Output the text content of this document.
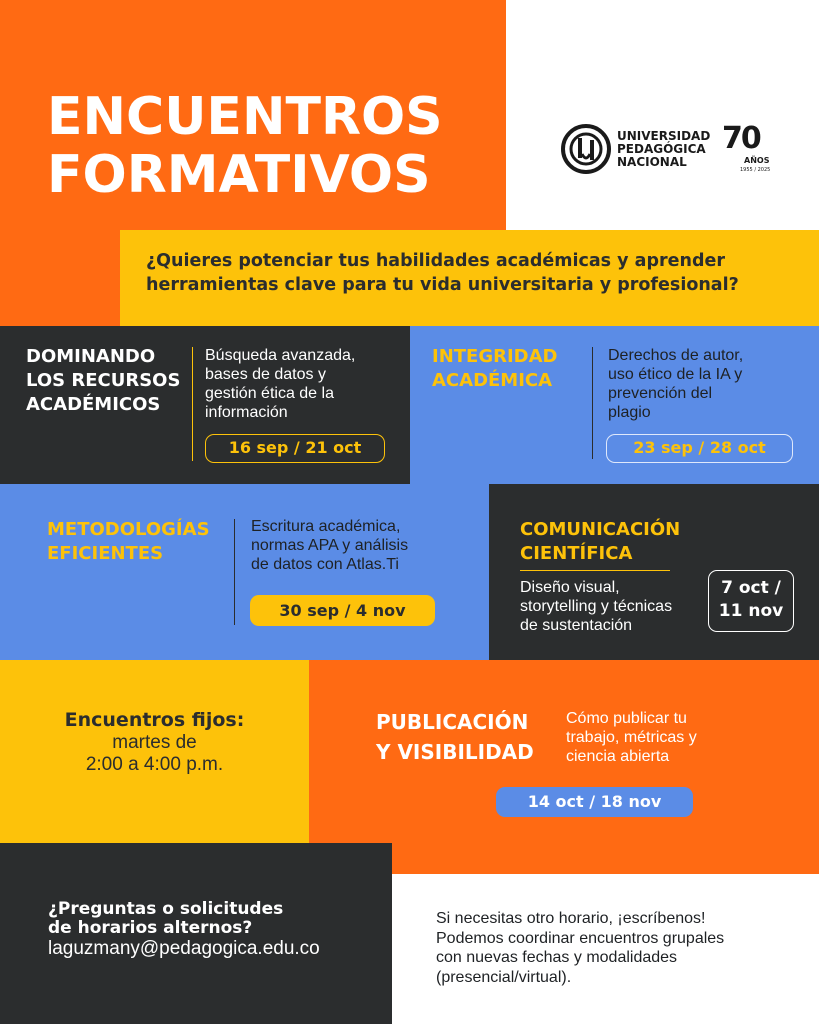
ENCUENTROS

FORMATIVOS

UNIVERSIDAD
PEDAGÓGICA
NACIONAL
70
AÑOS
1955 / 2025
¿Quieres potenciar tus habilidades académicas y aprender
herramientas clave para tu vida universitaria y profesional?
DOMINANDO
LOS RECURSOS
ACADÉMICOS
Búsqueda avanzada,
bases de datos y
gestión ética de la
información
16 sep / 21 oct
INTEGRIDAD
ACADÉMICA
Derechos de autor,
uso ético de la IA y
prevención del
plagio
23 sep / 28 oct
METODOLOGÍAS
EFICIENTES
Escritura académica,
normas APA y análisis
de datos con Atlas.Ti
30 sep / 4 nov
COMUNICACIÓN
CIENTÍFICA
Diseño visual,
storytelling y técnicas
de sustentación
7 oct /
11 nov
Encuentros fijos:
martes de
2:00 a 4:00 p.m.
PUBLICACIÓN
Y VISIBILIDAD
Cómo publicar tu
trabajo, métricas y
ciencia abierta
14 oct / 18 nov
¿Preguntas o solicitudes
de horarios alternos?
laguzmany@pedagogica.edu.co
Si necesitas otro horario, ¡escríbenos!
Podemos coordinar encuentros grupales
con nuevas fechas y modalidades
(presencial/virtual).
